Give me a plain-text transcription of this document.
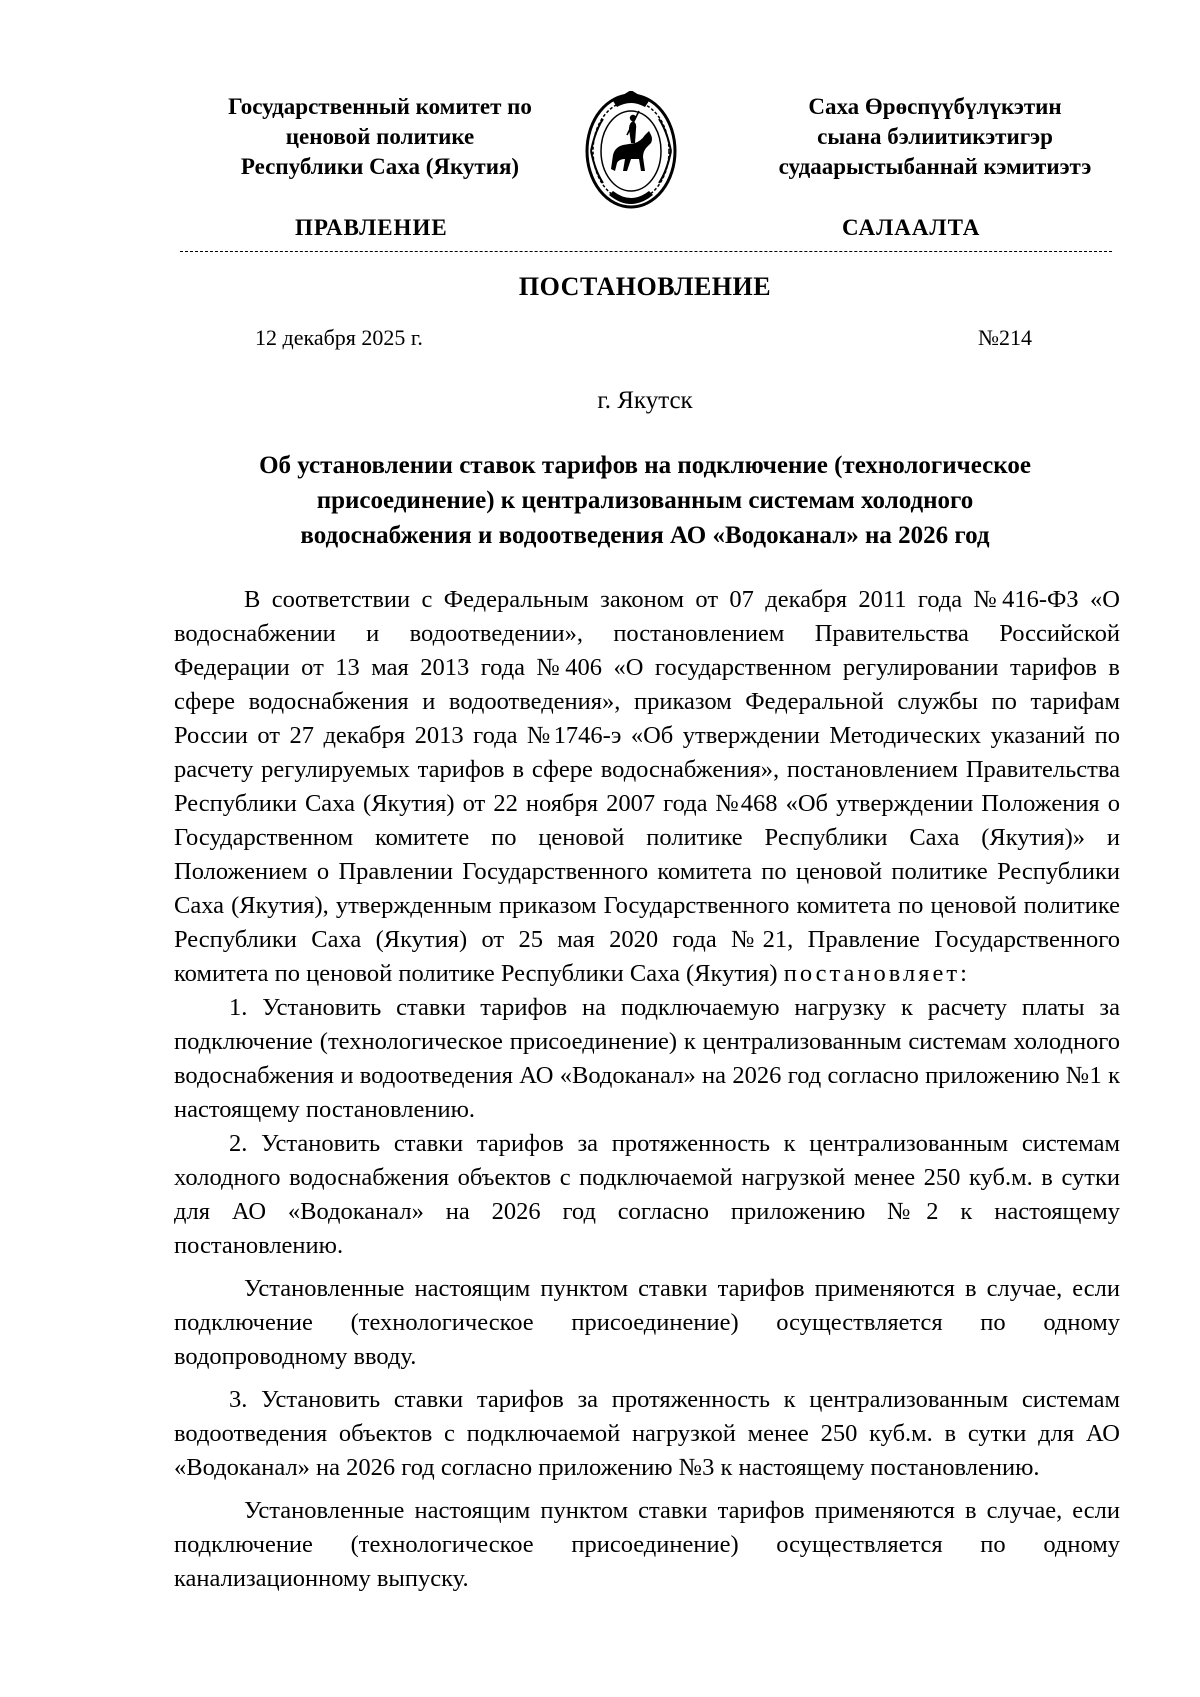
Государственный комитет по
ценовой политике
Республики Саха (Якутия)
Саха Өрөспүүбүлүкэтин
сыана бэлиитикэтигэр
судаарыстыбаннай кэмитиэтэ
ПРАВЛЕНИЕ	САЛААЛТА
ПОСТАНОВЛЕНИЕ
12 декабря 2025 г.	№214
г. Якутск
Об установлении ставок тарифов на подключение (технологическое
присоединение) к централизованным системам холодного
водоснабжения и водоотведения АО «Водоканал» на 2026 год

В соответствии с Федеральным законом от 07 декабря 2011 года №416-ФЗ «О водоснабжении и водоотведении», постановлением Правительства Российской Федерации от 13 мая 2013 года №406 «О государственном регулировании тарифов в сфере водоснабжения и водоотведения», приказом Федеральной службы по тарифам России от 27 декабря 2013 года №1746-э «Об утверждении Методических указаний по расчету регулируемых тарифов в сфере водоснабжения», постановлением Правительства Республики Саха (Якутия) от 22 ноября 2007 года №468 «Об утверждении Положения о Государственном комитете по ценовой политике Республики Саха (Якутия)» и Положением о Правлении Государственного комитета по ценовой политике Республики Саха (Якутия), утвержденным приказом Государственного комитета по ценовой политике Республики Саха (Якутия) от 25 мая 2020 года №21, Правление Государственного комитета по ценовой политике Республики Саха (Якутия) постановляет:

1. Установить ставки тарифов на подключаемую нагрузку к расчету платы за подключение (технологическое присоединение) к централизованным системам холодного водоснабжения и водоотведения АО «Водоканал» на 2026 год согласно приложению №1 к настоящему постановлению.

2. Установить ставки тарифов за протяженность к централизованным системам холодного водоснабжения объектов с подключаемой нагрузкой менее 250 куб.м. в сутки для АО «Водоканал» на 2026 год согласно приложению №2 к настоящему постановлению.

Установленные настоящим пунктом ставки тарифов применяются в случае, если подключение (технологическое присоединение) осуществляется по одному водопроводному вводу.

3. Установить ставки тарифов за протяженность к централизованным системам водоотведения объектов с подключаемой нагрузкой менее 250 куб.м. в сутки для АО «Водоканал» на 2026 год согласно приложению №3 к настоящему постановлению.

Установленные настоящим пунктом ставки тарифов применяются в случае, если подключение (технологическое присоединение) осуществляется по одному канализационному выпуску.
